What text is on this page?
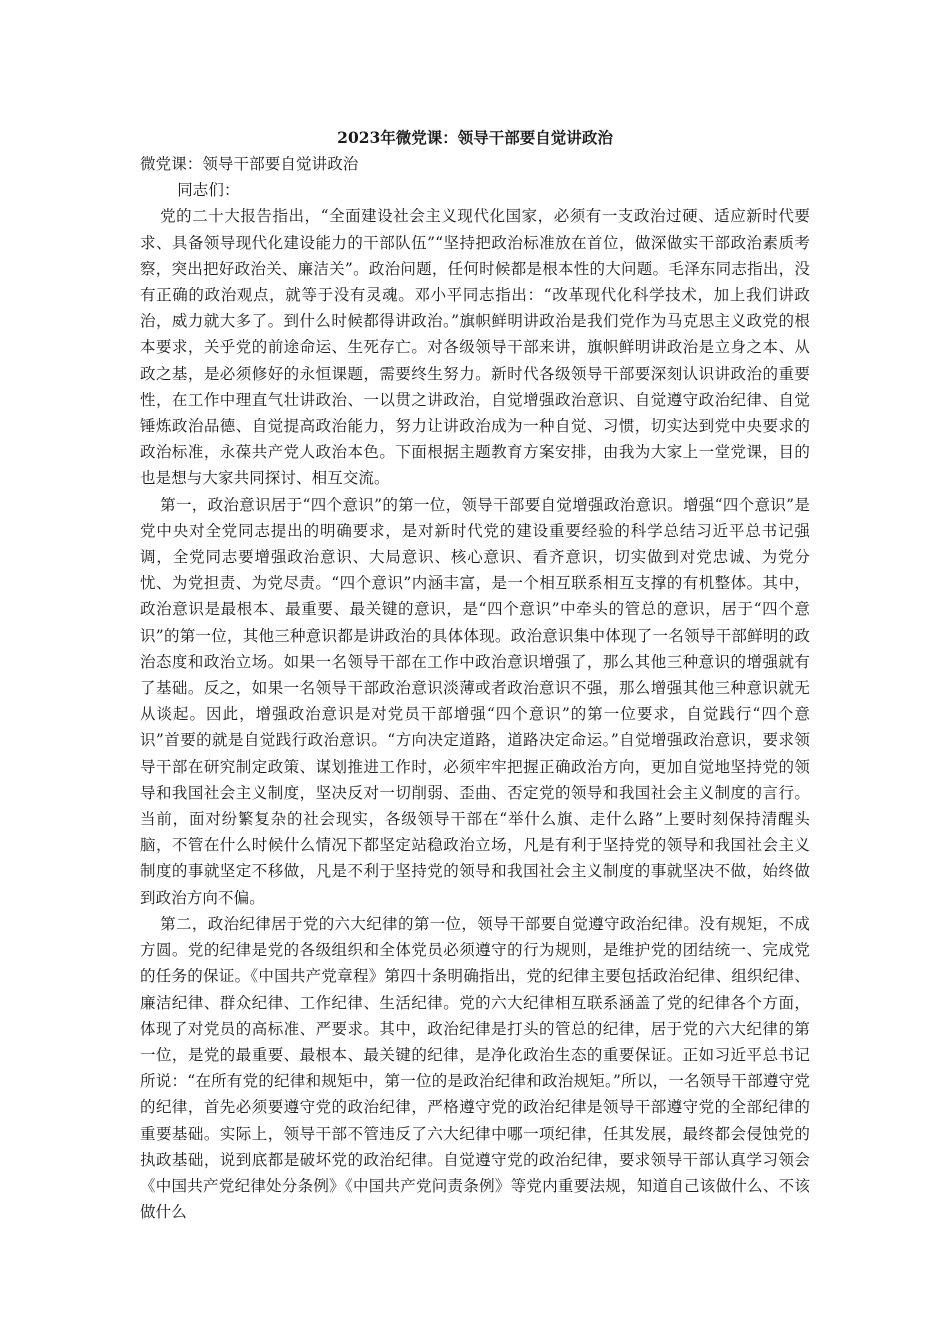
2023年微党课：领导干部要自觉讲政治

微党课：领导干部要自觉讲政治

同志们：

党的二十大报告指出，“全面建设社会主义现代化国家，必须有一支政治过硬、适应新时代要求、具备领导现代化建设能力的干部队伍”“坚持把政治标准放在首位，做深做实干部政治素质考察，突出把好政治关、廉洁关”。政治问题，任何时候都是根本性的大问题。毛泽东同志指出，没有正确的政治观点，就等于没有灵魂。邓小平同志指出：“改革现代化科学技术，加上我们讲政治，威力就大多了。到什么时候都得讲政治。”旗帜鲜明讲政治是我们党作为马克思主义政党的根本要求，关乎党的前途命运、生死存亡。对各级领导干部来讲，旗帜鲜明讲政治是立身之本、从政之基，是必须修好的永恒课题，需要终生努力。新时代各级领导干部要深刻认识讲政治的重要性，在工作中理直气壮讲政治、一以贯之讲政治，自觉增强政治意识、自觉遵守政治纪律、自觉锤炼政治品德、自觉提高政治能力，努力让讲政治成为一种自觉、习惯，切实达到党中央要求的政治标准，永葆共产党人政治本色。下面根据主题教育方案安排，由我为大家上一堂党课，目的也是想与大家共同探讨、相互交流。

第一，政治意识居于“四个意识”的第一位，领导干部要自觉增强政治意识。增强“四个意识”是党中央对全党同志提出的明确要求，是对新时代党的建设重要经验的科学总结习近平总书记强调，全党同志要增强政治意识、大局意识、核心意识、看齐意识，切实做到对党忠诚、为党分忧、为党担责、为党尽责。“四个意识”内涵丰富，是一个相互联系相互支撑的有机整体。其中，政治意识是最根本、最重要、最关键的意识，是“四个意识”中牵头的管总的意识，居于“四个意识”的第一位，其他三种意识都是讲政治的具体体现。政治意识集中体现了一名领导干部鲜明的政治态度和政治立场。如果一名领导干部在工作中政治意识增强了，那么其他三种意识的增强就有了基础。反之，如果一名领导干部政治意识淡薄或者政治意识不强，那么增强其他三种意识就无从谈起。因此，增强政治意识是对党员干部增强“四个意识”的第一位要求，自觉践行“四个意识”首要的就是自觉践行政治意识。“方向决定道路，道路决定命运。”自觉增强政治意识，要求领导干部在研究制定政策、谋划推进工作时，必须牢牢把握正确政治方向，更加自觉地坚持党的领导和我国社会主义制度，坚决反对一切削弱、歪曲、否定党的领导和我国社会主义制度的言行。当前，面对纷繁复杂的社会现实，各级领导干部在“举什么旗、走什么路”上要时刻保持清醒头脑，不管在什么时候什么情况下都坚定站稳政治立场，凡是有利于坚持党的领导和我国社会主义制度的事就坚定不移做，凡是不利于坚持党的领导和我国社会主义制度的事就坚决不做，始终做到政治方向不偏。

第二，政治纪律居于党的六大纪律的第一位，领导干部要自觉遵守政治纪律。没有规矩，不成方圆。党的纪律是党的各级组织和全体党员必须遵守的行为规则，是维护党的团结统一、完成党的任务的保证。《中国共产党章程》第四十条明确指出，党的纪律主要包括政治纪律、组织纪律、廉洁纪律、群众纪律、工作纪律、生活纪律。党的六大纪律相互联系涵盖了党的纪律各个方面，体现了对党员的高标准、严要求。其中，政治纪律是打头的管总的纪律，居于党的六大纪律的第一位，是党的最重要、最根本、最关键的纪律，是净化政治生态的重要保证。正如习近平总书记所说：“在所有党的纪律和规矩中，第一位的是政治纪律和政治规矩。”所以，一名领导干部遵守党的纪律，首先必须要遵守党的政治纪律，严格遵守党的政治纪律是领导干部遵守党的全部纪律的重要基础。实际上，领导干部不管违反了六大纪律中哪一项纪律，任其发展，最终都会侵蚀党的执政基础，说到底都是破坏党的政治纪律。自觉遵守党的政治纪律，要求领导干部认真学习领会《中国共产党纪律处分条例》《中国共产党问责条例》等党内重要法规，知道自己该做什么、不该做什么
